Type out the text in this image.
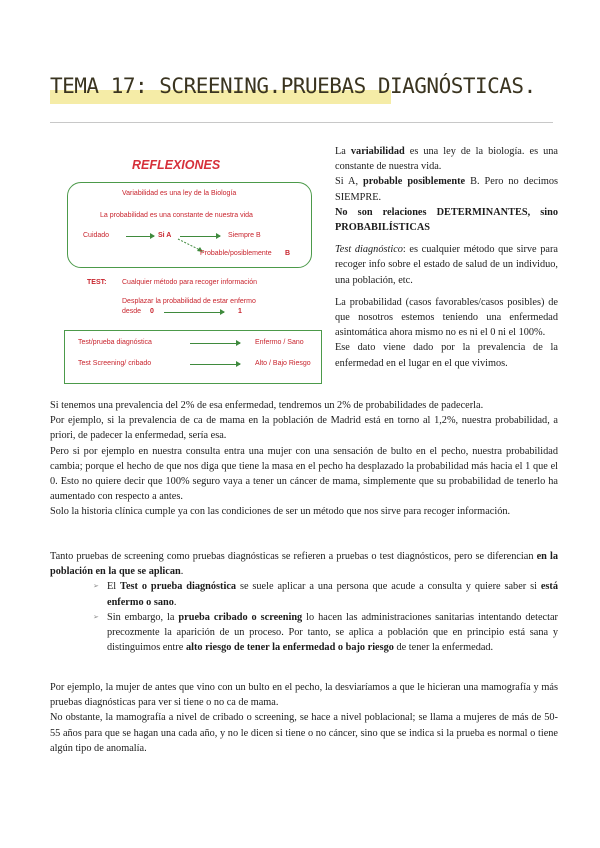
TEMA 17: SCREENING.PRUEBAS DIAGNÓSTICAS.
REFLEXIONES
Variabilidad es una ley de la Biología
La probabilidad es una constante de nuestra vida
Cuidado	Si A	Siempre B
Probable/posiblemente B
TEST: Cualquier método para recoger información
Desplazar la probabilidad de estar enfermo
desde 0	1
Test/prueba diagnóstica	Enfermo / Sano
Test Screening/ cribado	Alto / Bajo Riesgo

La variabilidad es una ley de la biología. es una constante de nuestra vida.

Si A, probable posiblemente B. Pero no decimos SIEMPRE.

No son relaciones DETERMINANTES, sino PROBABILÍSTICAS

Test diagnóstico: es cualquier método que sirve para recoger info sobre el estado de salud de un individuo, una población, etc.

La probabilidad (casos favorables/casos posibles) de que nosotros estemos teniendo una enfermedad asintomática ahora mismo no es ni el 0 ni el 100%.

Ese dato viene dado por la prevalencia de la enfermedad en el lugar en el que vivimos.

Si tenemos una prevalencia del 2% de esa enfermedad, tendremos un 2% de probabilidades de padecerla.

Por ejemplo, si la prevalencia de ca de mama en la población de Madrid está en torno al 1,2%, nuestra probabilidad, a priori, de padecer la enfermedad, sería esa.

Pero si por ejemplo en nuestra consulta entra una mujer con una sensación de bulto en el pecho, nuestra probabilidad cambia; porque el hecho de que nos diga que tiene la masa en el pecho ha desplazado la probabilidad más hacia el 1 que el 0. Esto no quiere decir que 100% seguro vaya a tener un cáncer de mama, simplemente que su probabilidad de tenerlo ha aumentado con respecto a antes.

Solo la historia clínica cumple ya con las condiciones de ser un método que nos sirve para recoger información.

Tanto pruebas de screening como pruebas diagnósticas se refieren a pruebas o test diagnósticos, pero se diferencian en la población en la que se aplican.

➢ El Test o prueba diagnóstica se suele aplicar a una persona que acude a consulta y quiere saber si está enfermo o sano.
➢ Sin embargo, la prueba cribado o screening lo hacen las administraciones sanitarias intentando detectar precozmente la aparición de un proceso. Por tanto, se aplica a población que en principio está sana y distinguimos entre alto riesgo de tener la enfermedad o bajo riesgo de tener la enfermedad.

Por ejemplo, la mujer de antes que vino con un bulto en el pecho, la desviaríamos a que le hicieran una mamografía y más pruebas diagnósticas para ver si tiene o no ca de mama.

No obstante, la mamografía a nivel de cribado o screening, se hace a nivel poblacional; se llama a mujeres de más de 50-55 años para que se hagan una cada año, y no le dicen si tiene o no cáncer, sino que se indica si la prueba es normal o tiene algún tipo de anomalía.
